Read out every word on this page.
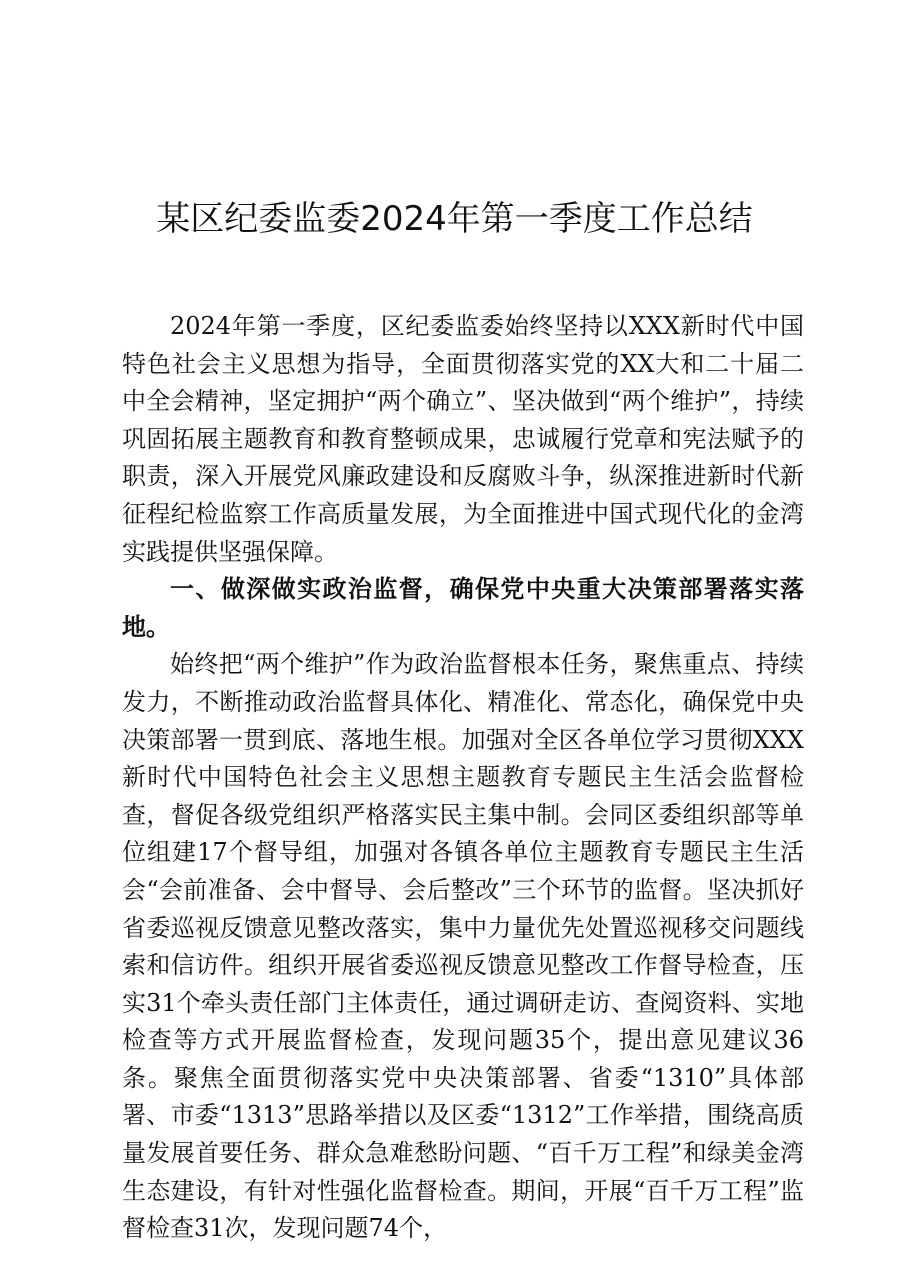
某区纪委监委2024年第一季度工作总结

2024年第一季度，区纪委监委始终坚持以XXX新时代中国特色社会主义思想为指导，全面贯彻落实党的XX大和二十届二中全会精神，坚定拥护“两个确立”、坚决做到“两个维护”，持续巩固拓展主题教育和教育整顿成果，忠诚履行党章和宪法赋予的职责，深入开展党风廉政建设和反腐败斗争，纵深推进新时代新征程纪检监察工作高质量发展，为全面推进中国式现代化的金湾实践提供坚强保障。

一、做深做实政治监督，确保党中央重大决策部署落实落地。

始终把“两个维护”作为政治监督根本任务，聚焦重点、持续发力，不断推动政治监督具体化、精准化、常态化，确保党中央决策部署一贯到底、落地生根。加强对全区各单位学习贯彻XXX新时代中国特色社会主义思想主题教育专题民主生活会监督检查，督促各级党组织严格落实民主集中制。会同区委组织部等单位组建17个督导组，加强对各镇各单位主题教育专题民主生活会“会前准备、会中督导、会后整改”三个环节的监督。坚决抓好省委巡视反馈意见整改落实，集中力量优先处置巡视移交问题线索和信访件。组织开展省委巡视反馈意见整改工作督导检查，压实31个牵头责任部门主体责任，通过调研走访、查阅资料、实地检查等方式开展监督检查，发现问题35个，提出意见建议36条。聚焦全面贯彻落实党中央决策部署、省委“1310”具体部署、市委“1313”思路举措以及区委“1312”工作举措，围绕高质量发展首要任务、群众急难愁盼问题、“百千万工程”和绿美金湾生态建设，有针对性强化监督检查。期间，开展“百千万工程”监督检查31次，发现问题74个，
